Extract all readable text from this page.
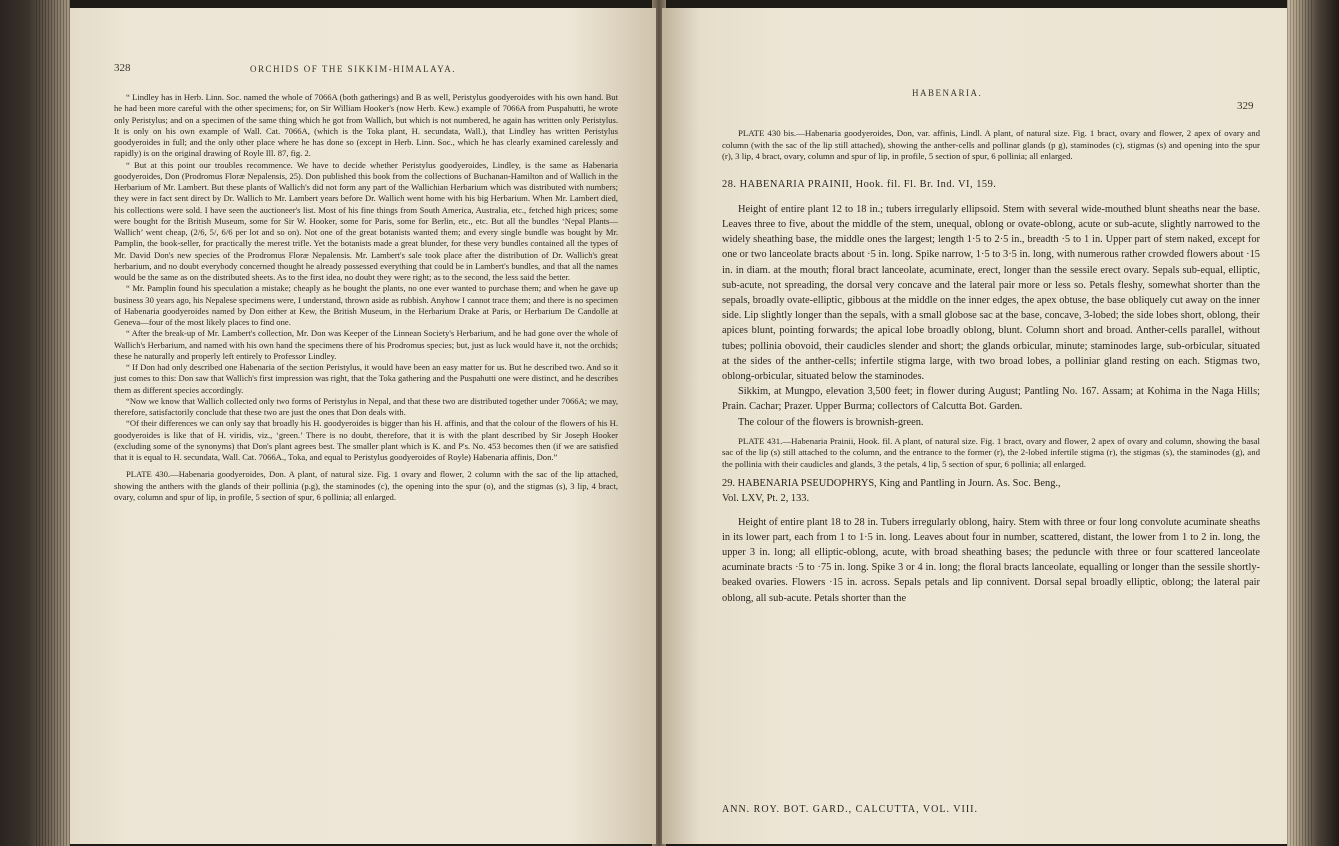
328	ORCHIDS OF THE SIKKIM-HIMALAYA.

“ Lindley has in Herb. Linn. Soc. named the whole of 7066A (both gatherings) and B as well, Peristylus goodyeroides with his own hand. But he had been more careful with the other specimens; for, on Sir William Hooker's (now Herb. Kew.) example of 7066A from Puspahutti, he wrote only Peristylus; and on a specimen of the same thing which he got from Wallich, but which is not numbered, he again has written only Peristylus. It is only on his own example of Wall. Cat. 7066A, (which is the Toka plant, H. secundata, Wall.), that Lindley has written Peristylus goodyeroides in full; and the only other place where he has done so (except in Herb. Linn. Soc., which he has clearly examined carelessly and rapidly) is on the original drawing of Royle Ill. 87, fig. 2.

“ But at this point our troubles recommence. We have to decide whether Peristylus goodyeroides, Lindley, is the same as Habenaria goodyeroides, Don (Prodromus Floræ Nepalensis, 25). Don published this book from the collections of Buchanan-Hamilton and of Wallich in the Herbarium of Mr. Lambert. But these plants of Wallich's did not form any part of the Wallichian Herbarium which was distributed with numbers; they were in fact sent direct by Dr. Wallich to Mr. Lambert years before Dr. Wallich went home with his big Herbarium. When Mr. Lambert died, his collections were sold. I have seen the auctioneer's list. Most of his fine things from South America, Australia, etc., fetched high prices; some were bought for the British Museum, some for Sir W. Hooker, some for Paris, some for Berlin, etc., etc. But all the bundles ‘Nepal Plants—Wallich’ went cheap, (2/6, 5/, 6/6 per lot and so on). Not one of the great botanists wanted them; and every single bundle was bought by Mr. Pamplin, the book-seller, for practically the merest trifle. Yet the botanists made a great blunder, for these very bundles contained all the types of Mr. David Don's new species of the Prodromus Floræ Nepalensis. Mr. Lambert's sale took place after the distribution of Dr. Wallich's great herbarium, and no doubt everybody concerned thought he already possessed everything that could be in Lambert's bundles, and that all the names would be the same as on the distributed sheets. As to the first idea, no doubt they were right; as to the second, the less said the better.

“ Mr. Pamplin found his speculation a mistake; cheaply as he bought the plants, no one ever wanted to purchase them; and when he gave up business 30 years ago, his Nepalese specimens were, I understand, thrown aside as rubbish. Anyhow I cannot trace them; and there is no specimen of Habenaria goodyeroides named by Don either at Kew, the British Museum, in the Herbarium Drake at Paris, or Herbarium De Candolle at Geneva—four of the most likely places to find one.

“ After the break-up of Mr. Lambert's collection, Mr. Don was Keeper of the Linnean Society's Herbarium, and he had gone over the whole of Wallich's Herbarium, and named with his own hand the specimens there of his Prodromus species; but, just as luck would have it, not the orchids; these he naturally and properly left entirely to Professor Lindley.

“ If Don had only described one Habenaria of the section Peristylus, it would have been an easy matter for us. But he described two. And so it just comes to this: Don saw that Wallich's first impression was right, that the Toka gathering and the Puspahutti one were distinct, and he describes them as different species accordingly.

“Now we know that Wallich collected only two forms of Peristylus in Nepal, and that these two are distributed together under 7066A; we may, therefore, satisfactorily conclude that these two are just the ones that Don deals with.

“Of their differences we can only say that broadly his H. goodyeroides is bigger than his H. affinis, and that the colour of the flowers of his H. goodyeroides is like that of H. viridis, viz., ‘green.’ There is no doubt, therefore, that it is with the plant described by Sir Joseph Hooker (excluding some of the synonyms) that Don's plant agrees best. The smaller plant which is K. and P's. No. 453 becomes then (if we are satisfied that it is equal to H. secundata, Wall. Cat. 7066A., Toka, and equal to Peristylus goodyeroides of Royle) Habenaria affinis, Don.”

PLATE 430.—Habenaria goodyeroides, Don. A plant, of natural size. Fig. 1 ovary and flower, 2 column with the sac of the lip attached, showing the anthers with the glands of their pollinia (p.g), the staminodes (c), the opening into the spur (o), and the stigmas (s), 3 lip, 4 bract, ovary, column and spur of lip, in profile, 5 section of spur, 6 pollinia; all enlarged.

HABENARIA.
329

PLATE 430 bis.—Habenaria goodyeroides, Don, var. affinis, Lindl. A plant, of natural size. Fig. 1 bract, ovary and flower, 2 apex of ovary and column (with the sac of the lip still attached), showing the anther-cells and pollinar glands (p g), staminodes (c), stigmas (s) and opening into the spur (r), 3 lip, 4 bract, ovary, column and spur of lip, in profile, 5 section of spur, 6 pollinia; all enlarged.

28. HABENARIA PRAINII, Hook. fil. Fl. Br. Ind. VI, 159.

Height of entire plant 12 to 18 in.; tubers irregularly ellipsoid. Stem with several wide-mouthed blunt sheaths near the base. Leaves three to five, about the middle of the stem, unequal, oblong or ovate-oblong, acute or sub-acute, slightly narrowed to the widely sheathing base, the middle ones the largest; length 1·5 to 2·5 in., breadth ·5 to 1 in. Upper part of stem naked, except for one or two lanceolate bracts about ·5 in. long. Spike narrow, 1·5 to 3·5 in. long, with numerous rather crowded flowers about ·15 in. in diam. at the mouth; floral bract lanceolate, acuminate, erect, longer than the sessile erect ovary. Sepals sub-equal, elliptic, sub-acute, not spreading, the dorsal very concave and the lateral pair more or less so. Petals fleshy, somewhat shorter than the sepals, broadly ovate-elliptic, gibbous at the middle on the inner edges, the apex obtuse, the base obliquely cut away on the inner side. Lip slightly longer than the sepals, with a small globose sac at the base, concave, 3-lobed; the side lobes short, oblong, their apices blunt, pointing forwards; the apical lobe broadly oblong, blunt. Column short and broad. Anther-cells parallel, without tubes; pollinia obovoid, their caudicles slender and short; the glands orbicular, minute; staminodes large, sub-orbicular, situated at the sides of the anther-cells; infertile stigma large, with two broad lobes, a polliniar gland resting on each. Stigmas two, oblong-orbicular, situated below the staminodes.

Sikkim, at Mungpo, elevation 3,500 feet; in flower during August; Pantling No. 167. Assam; at Kohima in the Naga Hills; Prain. Cachar; Prazer. Upper Burma; collectors of Calcutta Bot. Garden.

The colour of the flowers is brownish-green.

PLATE 431.—Habenaria Prainii, Hook. fil. A plant, of natural size. Fig. 1 bract, ovary and flower, 2 apex of ovary and column, showing the basal sac of the lip (s) still attached to the column, and the entrance to the former (r), the 2-lobed infertile stigma (r), the stigmas (s), the staminodes (g), and the pollinia with their caudicles and glands, 3 the petals, 4 lip, 5 section of spur, 6 pollinia; all enlarged.

29. HABENARIA PSEUDOPHRYS, King and Pantling in Journ. As. Soc. Beng.,

Vol. LXV, Pt. 2, 133.

Height of entire plant 18 to 28 in. Tubers irregularly oblong, hairy. Stem with three or four long convolute acuminate sheaths in its lower part, each from 1 to 1·5 in. long. Leaves about four in number, scattered, distant, the lower from 1 to 2 in. long, the upper 3 in. long; all elliptic-oblong, acute, with broad sheathing bases; the peduncle with three or four scattered lanceolate acuminate bracts ·5 to ·75 in. long. Spike 3 or 4 in. long; the floral bracts lanceolate, equalling or longer than the sessile shortly-beaked ovaries. Flowers ·15 in. across. Sepals petals and lip connivent. Dorsal sepal broadly elliptic, oblong; the lateral pair oblong, all sub-acute. Petals shorter than the

ANN. ROY. BOT. GARD., CALCUTTA, VOL. VIII.
